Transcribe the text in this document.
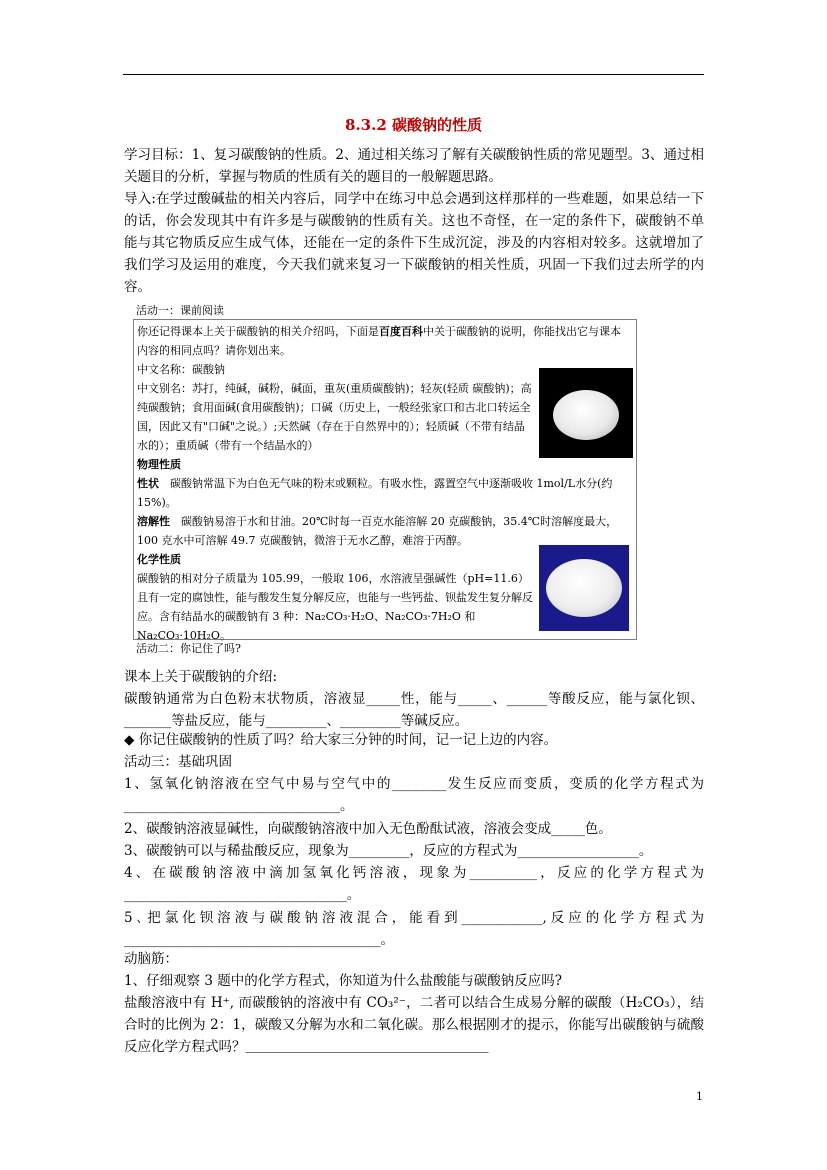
8.3.2 碳酸钠的性质
学习目标：1、复习碳酸钠的性质。2、通过相关练习了解有关碳酸钠性质的常见题型。3、通过相关题目的分析，掌握与物质的性质有关的题目的一般解题思路。
导入:在学过酸碱盐的相关内容后，同学中在练习中总会遇到这样那样的一些难题，如果总结一下的话，你会发现其中有许多是与碳酸钠的性质有关。这也不奇怪，在一定的条件下，碳酸钠不单能与其它物质反应生成气体，还能在一定的条件下生成沉淀，涉及的内容相对较多。这就增加了我们学习及运用的难度，今天我们就来复习一下碳酸钠的相关性质，巩固一下我们过去所学的内容。
活动一：课前阅读
你还记得课本上关于碳酸钠的相关介绍吗，下面是百度百科中关于碳酸钠的说明，你能找出它与课本内容的相同点吗？请你划出来。
中文名称：碳酸钠
中文别名：苏打，纯碱，碱粉，碱面，重灰(重质碳酸钠)；轻灰(轻质 碳酸钠)；高纯碳酸钠；食用面碱(食用碳酸钠)；口碱（历史上，一般经张家口和古北口转运全国，因此又有"口碱"之说。）;天然碱（存在于自然界中的）；轻质碱（不带有结晶水的）；重质碱（带有一个结晶水的）
物理性质
性状　 碳酸钠常温下为白色无气味的粉末或颗粒。有吸水性，露置空气中逐渐吸收 1mol/L水分(约 15%)。
溶解性　 碳酸钠易溶于水和甘油。20℃时每一百克水能溶解 20 克碳酸钠，35.4℃时溶解度最大，100 克水中可溶解 49.7 克碳酸钠，微溶于无水乙醇，难溶于丙醇。
化学性质
碳酸钠的相对分子质量为 105.99，一般取 106，水溶液呈强碱性（pH=11.6）且有一定的腐蚀性，能与酸发生复分解反应，也能与一些钙盐、钡盐发生复分解反应。含有结晶水的碳酸钠有 3 种：Na₂CO₃·H₂O、Na₂CO₃·7H₂O 和 Na₂CO₃·10H₂O。
活动二：你记住了吗?
课本上关于碳酸钠的介绍:
碳酸钠通常为白色粉末状物质，溶液显_____性，能与_____、______等酸反应，能与氯化钡、_______等盐反应，能与_________、_________等碱反应。
◆ 你记住碳酸钠的性质了吗？给大家三分钟的时间，记一记上边的内容。
活动三：基础巩固
1、氢氧化钠溶液在空气中易与空气中的________发生反应而变质，变质的化学方程式为________________________________。
2、碳酸钠溶液显碱性，向碳酸钠溶液中加入无色酚酞试液，溶液会变成_____色。
3、碳酸钠可以与稀盐酸反应，现象为_________，反应的方程式为__________________。
4、在碳酸钠溶液中滴加氢氧化钙溶液，现象为__________，反应的化学方程式为_________________________________。
5､把氯化钡溶液与碳酸钠溶液混合，能看到____________,反应的化学方程式为______________________________________。
动脑筋：
1、仔细观察 3 题中的化学方程式，你知道为什么盐酸能与碳酸钠反应吗?
盐酸溶液中有 H⁺, 而碳酸钠的溶液中有 CO₃²⁻，二者可以结合生成易分解的碳酸（H₂CO₃），结合时的比例为 2：1，碳酸又分解为水和二氧化碳。那么根据刚才的提示，你能写出碳酸钠与硫酸反应化学方程式吗？＿＿＿＿＿＿＿＿＿＿＿＿＿＿＿＿＿＿
1
